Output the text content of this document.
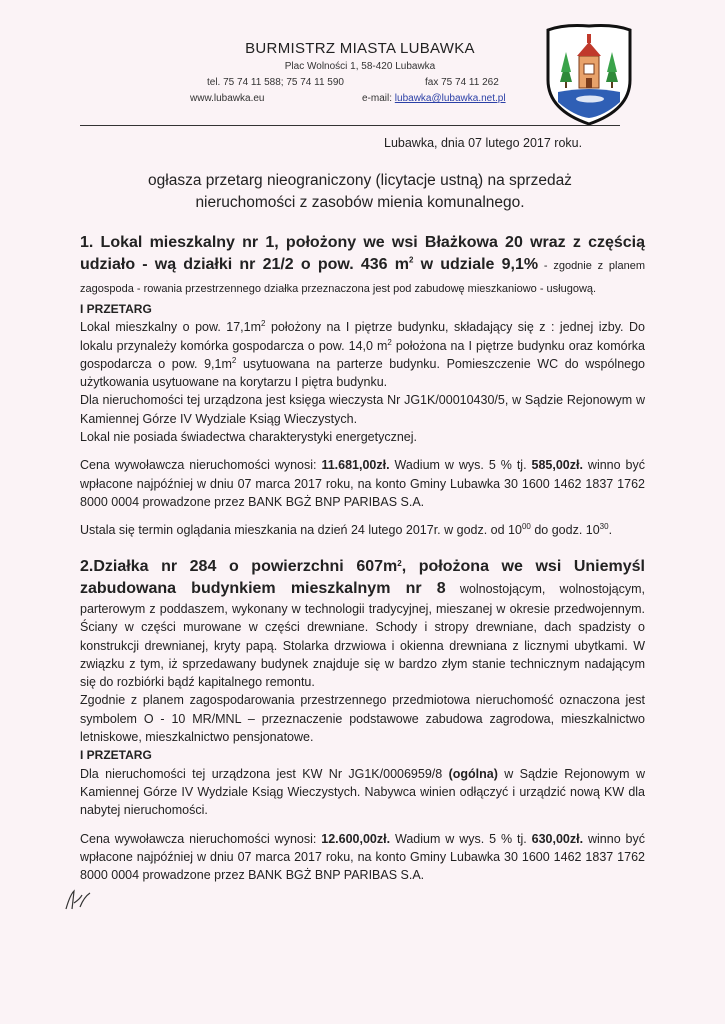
BURMISTRZ MIASTA LUBAWKA
Plac Wolności 1, 58-420 Lubawka
tel. 75 74 11 588; 75 74 11 590	fax 75 74 11 262
www.lubawka.eu	e-mail: lubawka@lubawka.net.pl
Lubawka, dnia 07 lutego 2017 roku.
ogłasza przetarg nieograniczony (licytacje ustną) na sprzedaż nieruchomości z zasobów mienia komunalnego.

1. Lokal mieszkalny nr 1, położony we wsi Błażkowa 20 wraz z częścią udziało - wą działki nr 21/2 o pow. 436 $m^2$ w udziale 9,1% - zgodnie z planem zagospoda - rowania przestrzennego działka przeznaczona jest pod zabudowę mieszkaniowo - usługową.

I PRZETARG

Lokal mieszkalny o pow. $17,1m^2$ położony na I piętrze budynku, składający się z : jednej izby. Do lokalu przynależy komórka gospodarcza o pow. 14,0 $m^2$ położona na I piętrze budynku oraz komórka gospodarcza o pow. $9,1m^2$ usytuowana na parterze budynku. Pomieszczenie WC do wspólnego użytkowania usytuowane na korytarzu I piętra budynku.

Dla nieruchomości tej urządzona jest księga wieczysta Nr JG1K/00010430/5, w Sądzie Rejonowym w Kamiennej Górze IV Wydziale Ksiąg Wieczystych.

Lokal nie posiada świadectwa charakterystyki energetycznej.

Cena wywoławcza nieruchomości wynosi: 11.681,00zł. Wadium w wys. 5 % tj. 585,00zł. winno być wpłacone najpóźniej w dniu 07 marca 2017 roku, na konto Gminy Lubawka 30 1600 1462 1837 1762 8000 0004 prowadzone przez BANK BGŻ BNP PARIBAS S.A.

Ustala się termin oglądania mieszkania na dzień 24 lutego 2017r. w godz. od $10^{00}$ do godz. $10^{30}$.

2.Działka nr 284 o powierzchni $607m^2$, położona we wsi Uniemyśl zabudowana budynkiem mieszkalnym nr 8 wolnostojącym, wolnostojącym, parterowym z poddaszem, wykonany w technologii tradycyjnej, mieszanej w okresie przedwojennym. Ściany w części murowane w części drewniane. Schody i stropy drewniane, dach spadzisty o konstrukcji drewnianej, kryty papą. Stolarka drzwiowa i okienna drewniana z licznymi ubytkami. W związku z tym, iż sprzedawany budynek znajduje się w bardzo złym stanie technicznym nadającym się do rozbiórki bądź kapitalnego remontu.

Zgodnie z planem zagospodarowania przestrzennego przedmiotowa nieruchomość oznaczona jest symbolem O - 10 MR/MNL – przeznaczenie podstawowe zabudowa zagrodowa, mieszkalnictwo letniskowe, mieszkalnictwo pensjonatowe.

I PRZETARG

Dla nieruchomości tej urządzona jest KW Nr JG1K/0006959/8 (ogólna) w Sądzie Rejonowym w Kamiennej Górze IV Wydziale Ksiąg Wieczystych. Nabywca winien odłączyć i urządzić nową KW dla nabytej nieruchomości.

Cena wywoławcza nieruchomości wynosi: 12.600,00zł. Wadium w wys. 5 % tj. 630,00zł. winno być wpłacone najpóźniej w dniu 07 marca 2017 roku, na konto Gminy Lubawka 30 1600 1462 1837 1762 8000 0004 prowadzone przez BANK BGŻ BNP PARIBAS S.A.
